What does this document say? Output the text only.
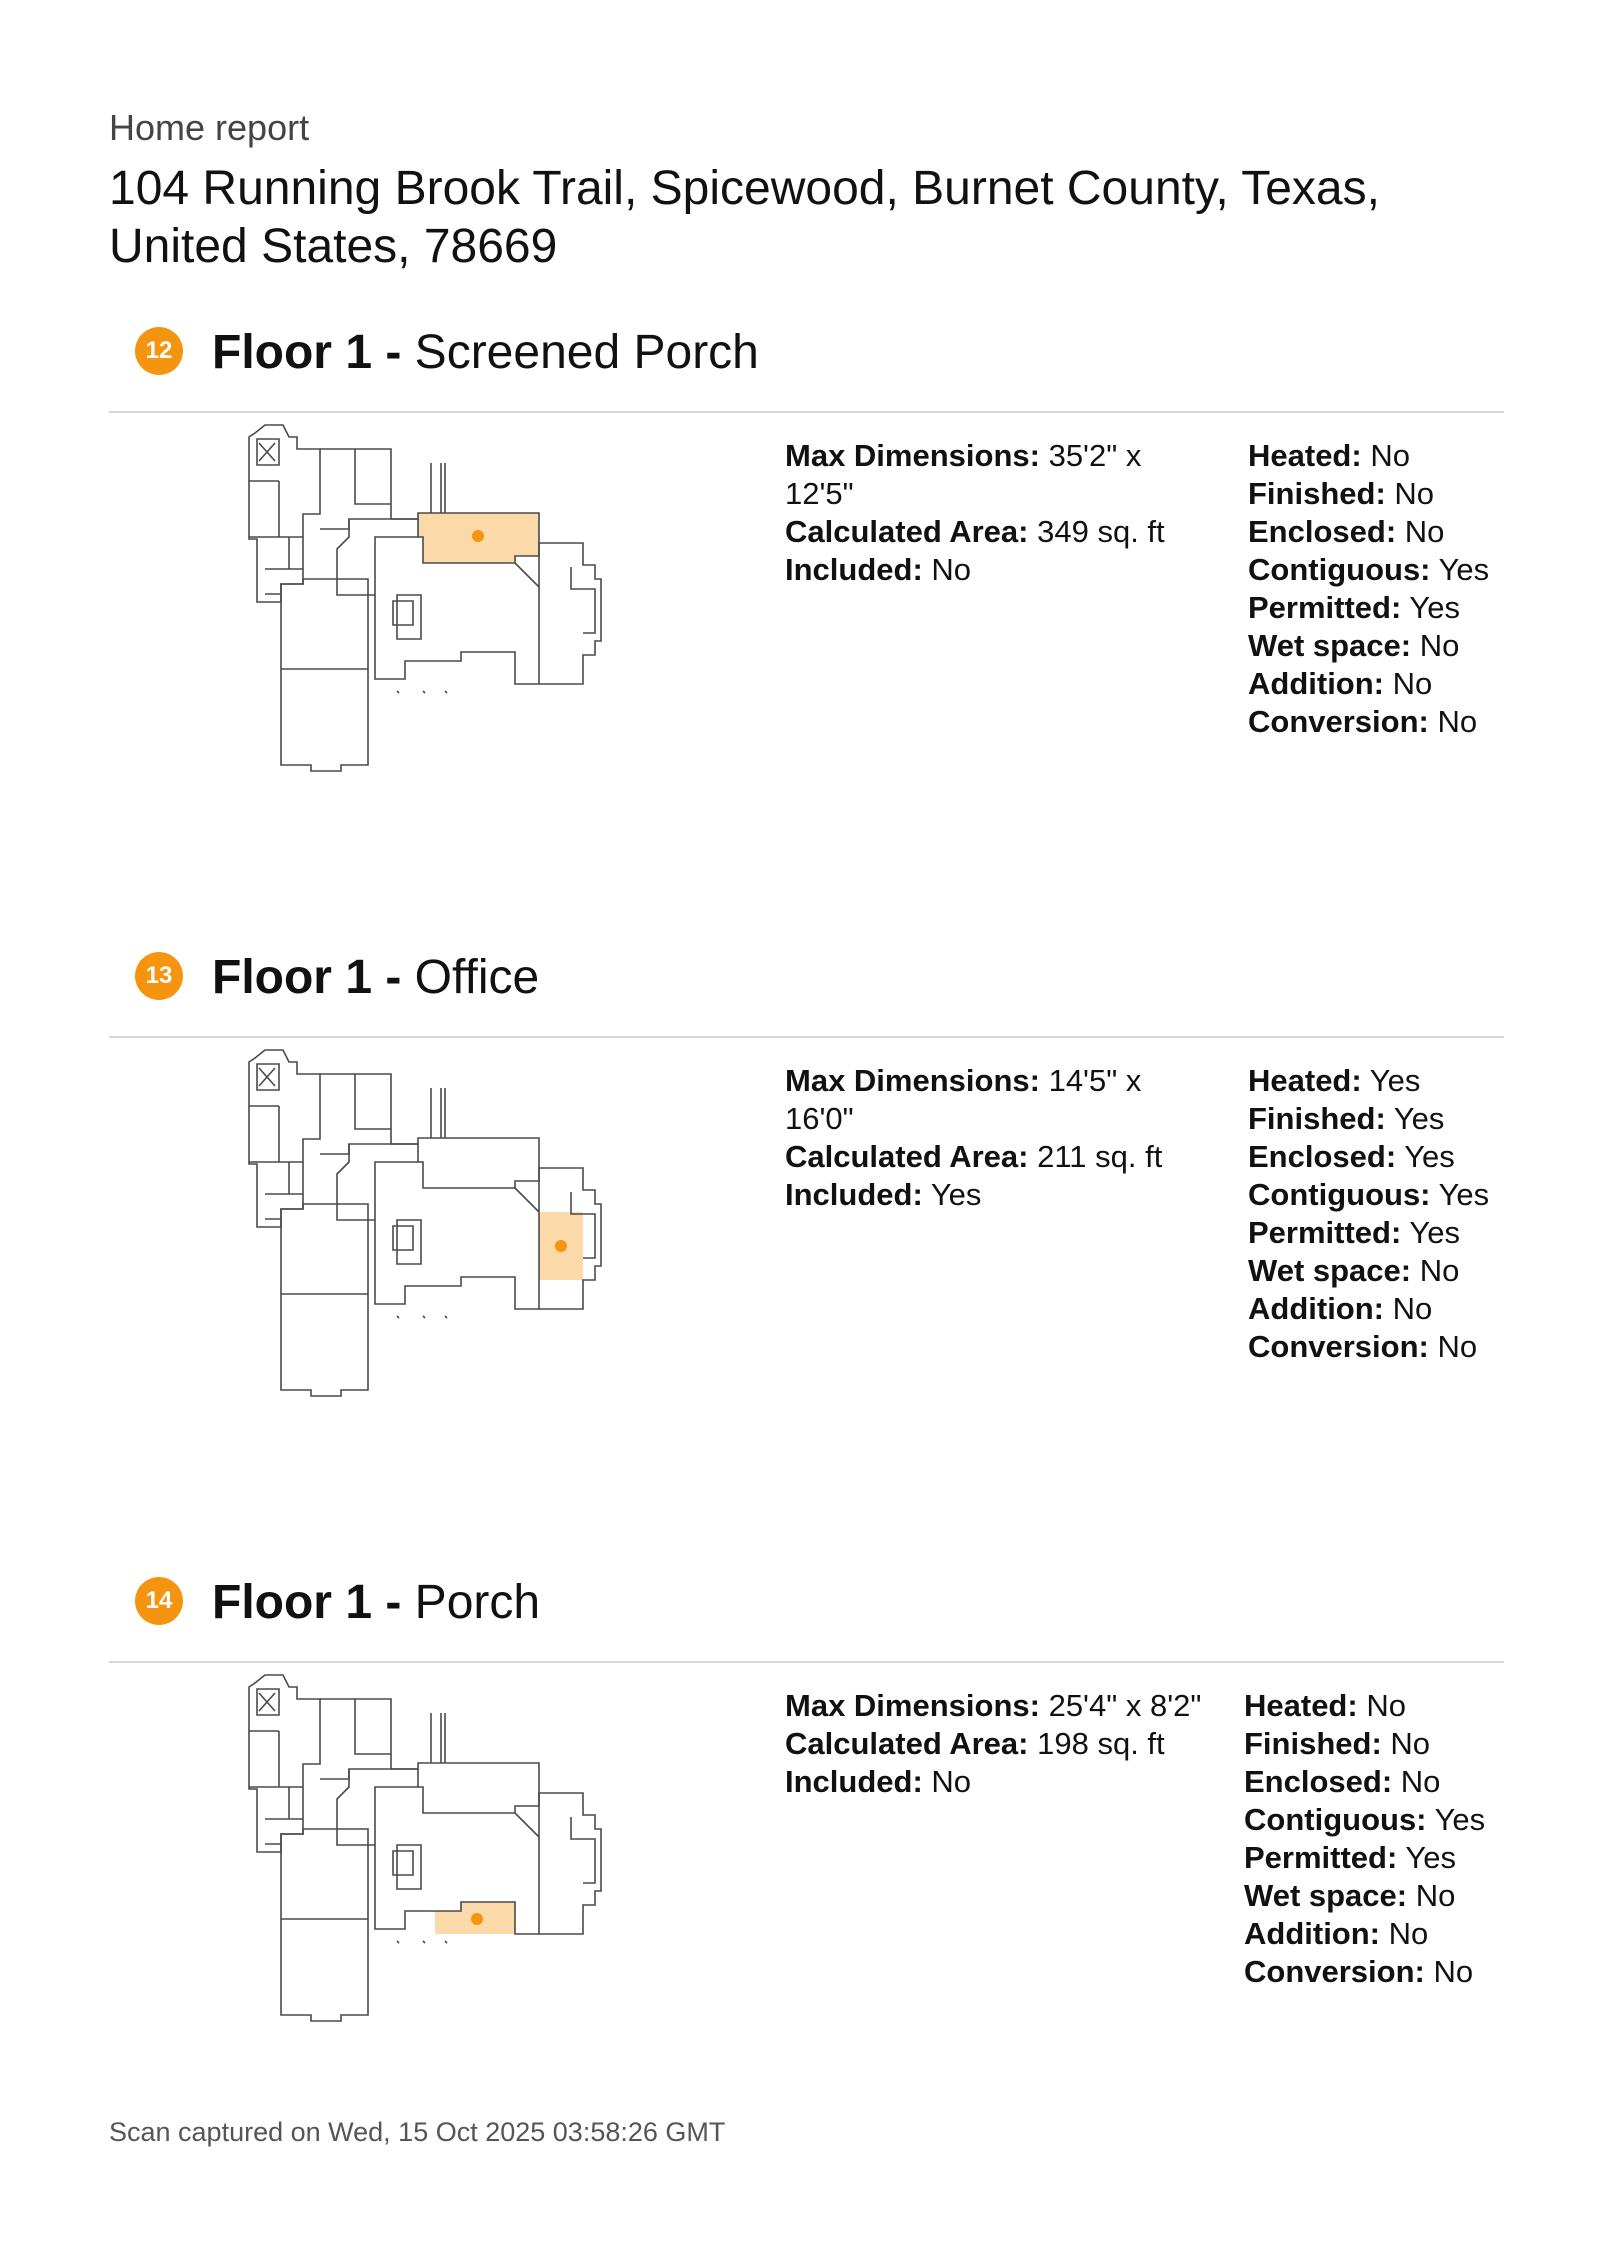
Home report
104 Running Brook Trail, Spicewood, Burnet County, Texas, United States, 78669
12 Floor 1 - Screened Porch
Max Dimensions: 35'2" x 12'5"
Calculated Area: 349 sq. ft
Included: No
Heated: No
Finished: No
Enclosed: No
Contiguous: Yes
Permitted: Yes
Wet space: No
Addition: No
Conversion: No
13 Floor 1 - Office
Max Dimensions: 14'5" x 16'0"
Calculated Area: 211 sq. ft
Included: Yes
Heated: Yes
Finished: Yes
Enclosed: Yes
Contiguous: Yes
Permitted: Yes
Wet space: No
Addition: No
Conversion: No
14 Floor 1 - Porch
Max Dimensions: 25'4" x 8'2"
Calculated Area: 198 sq. ft
Included: No
Heated: No
Finished: No
Enclosed: No
Contiguous: Yes
Permitted: Yes
Wet space: No
Addition: No
Conversion: No
Scan captured on Wed, 15 Oct 2025 03:58:26 GMT
